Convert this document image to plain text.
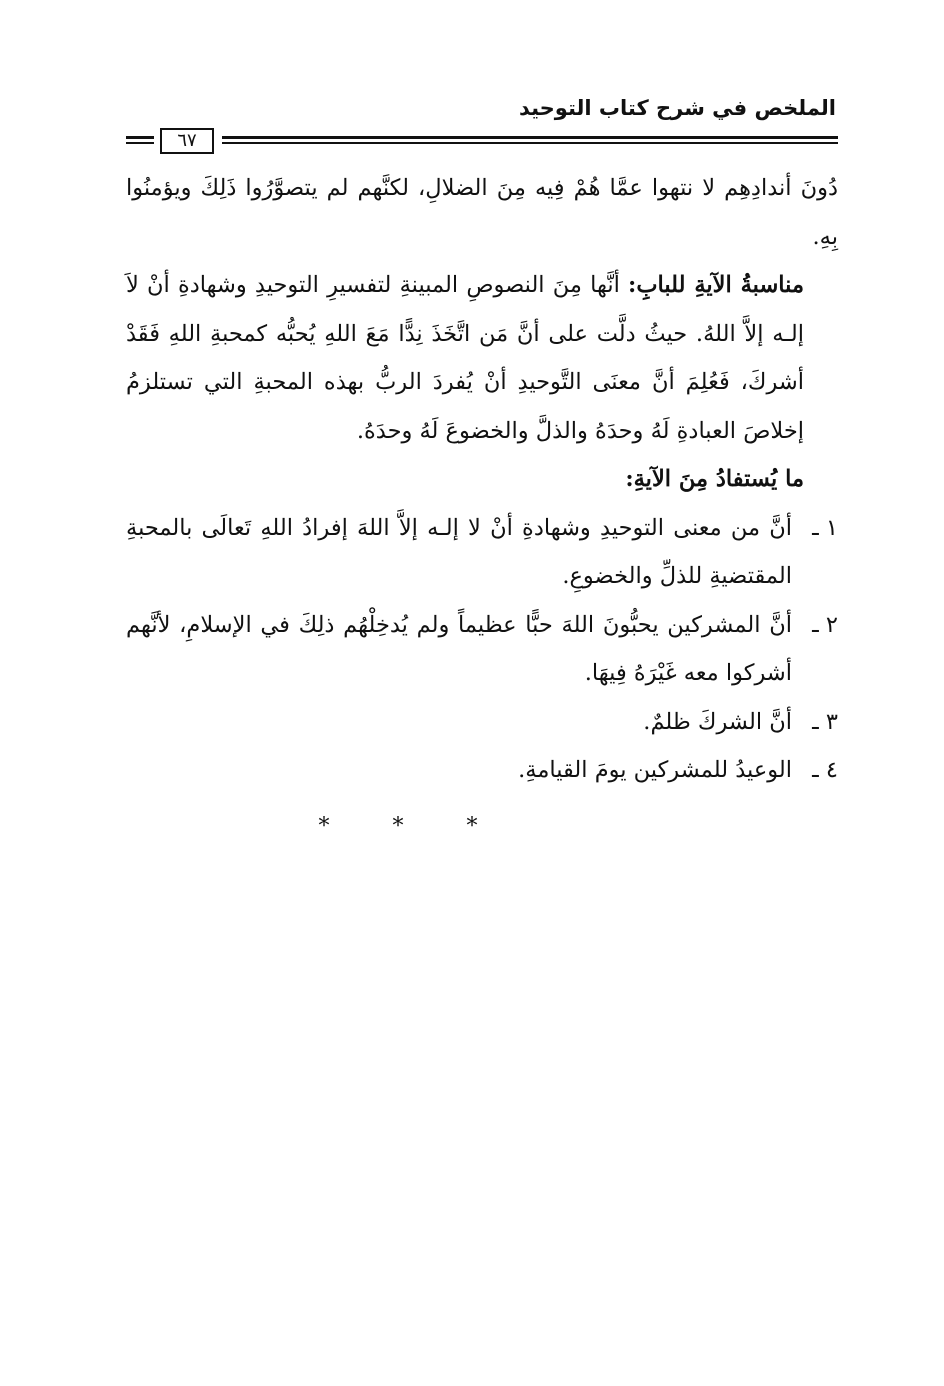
الملخص في شرح كتاب التوحيد
٦٧

دُونَ أندادِهِم لا نتهوا عمَّا هُمْ فِيه مِنَ الضلالِ، لكنَّهم لم يتصوَّرُوا ذَلِكَ ويؤمنُوا بِهِ.

مناسبةُ الآيةِ للبابِ: أنَّها مِنَ النصوصِ المبينةِ لتفسيرِ التوحيدِ وشهادةِ أنْ لاَ إلـه إلاَّ اللهُ. حيثُ دلَّت على أنَّ مَن اتَّخَذَ نِدًّا مَعَ اللهِ يُحبُّه كمحبةِ اللهِ فَقَدْ أشركَ، فَعُلِمَ أنَّ معنَى التَّوحيدِ أنْ يُفردَ الربُّ بهذه المحبةِ التي تستلزمُ إخلاصَ العبادةِ لَهُ وحدَهُ والذلَّ والخضوعَ لَهُ وحدَهُ.

ما يُستفادُ مِنَ الآيةِ:

١ ـ
أنَّ من معنى التوحيدِ وشهادةِ أنْ لا إلـه إلاَّ اللهَ إفرادُ اللهِ تَعالَى بالمحبةِ المقتضيةِ للذلِّ والخضوعِ.
٢ ـ
أنَّ المشركين يحبُّونَ اللهَ حبًّا عظيماً ولم يُدخِلْهُم ذلِكَ في الإسلامِ، لأنَّهم أشركوا معه غَيْرَهُ فِيهَا.
٣ ـ
أنَّ الشركَ ظلمٌ.
٤ ـ
الوعيدُ للمشركين يومَ القيامةِ.
* * *
